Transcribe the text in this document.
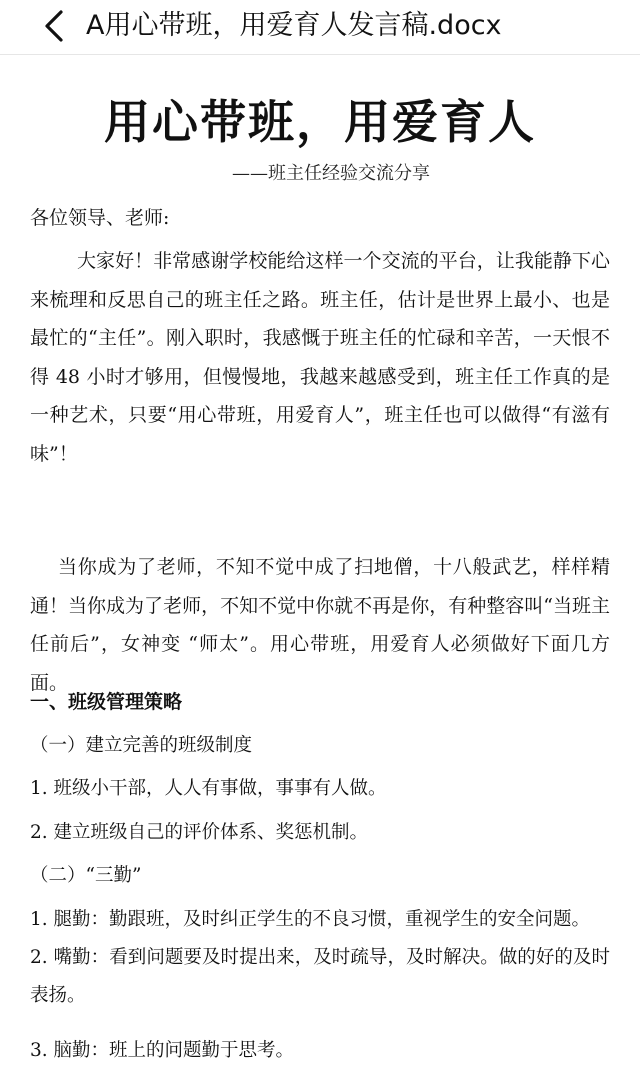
A用心带班，用爱育人发言稿.docx
用心带班，用爱育人
——班主任经验交流分享
各位领导、老师:

大家好！非常感谢学校能给这样一个交流的平台，让我能静下心来梳理和反思自己的班主任之路。班主任，估计是世界上最小、也是最忙的“主任”。刚入职时，我感慨于班主任的忙碌和辛苦，一天恨不得 48 小时才够用，但慢慢地，我越来越感受到，班主任工作真的是一种艺术，只要“用心带班，用爱育人”，班主任也可以做得“有滋有味”！

当你成为了老师，不知不觉中成了扫地僧，十八般武艺，样样精通！当你成为了老师，不知不觉中你就不再是你，有种整容叫“当班主任前后”，女神变 “师太”。用心带班，用爱育人必须做好下面几方面。

一、班级管理策略
（一）建立完善的班级制度
1. 班级小干部，人人有事做，事事有人做。
2. 建立班级自己的评价体系、奖惩机制。
（二）“三勤”
1. 腿勤：勤跟班，及时纠正学生的不良习惯，重视学生的安全问题。

2. 嘴勤：看到问题要及时提出来，及时疏导，及时解决。做的好的及时表扬。

3. 脑勤：班上的问题勤于思考。
